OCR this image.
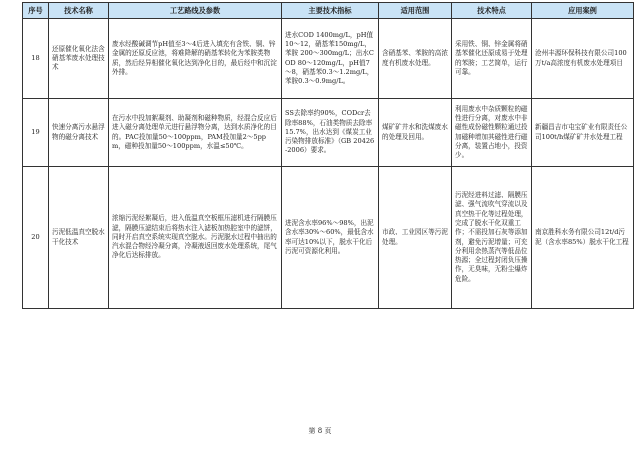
序号	技术名称	工艺路线及参数	主要技术指标	适用范围	技术特点	应用案例
18	还原催化氧化法含硝基苯废水处理技术	废水经酸碱调节pH值至3～4后进入填充有含铁、铜、锌金属的还原反应池，将难降解的硝基苯转化为苯胺类物质，然后经异相催化氧化达到净化目的，最后经中和沉淀外排。	进水COD 1400mg/L，pH值 10～12，硝基苯150mg/L，苯胺 200～300mg/L；出水COD 80～120mg/L，pH值7～8，硝基苯0.3～1.2mg/L，苯胺0.3～0.9mg/L。	含硝基苯、苯胺的高浓度有机废水处理。	采用铁、铜、锌金属将硝基苯催化还原成易于处理的苯胺；工艺简单，运行可靠。	沧州丰源环保科技有限公司100万t/a高浓度有机废水处理项目
19	快速分离污水悬浮物的磁分离技术	在污水中投加絮凝剂、助凝剂和磁种物质，经混合反应后进入磁分离处理单元进行悬浮物分离，达到水质净化的目的。PAC投加量50～100ppm，PAM投加量2～5ppm，磁种投加量50～100ppm，水温≤50℃。	SS去除率约90%，CODcr去除率88%，石油类物质去除率15.7%，出水达到《煤炭工业污染物排放标准》（GB 20426-2006）要求。	煤矿矿井水和洗煤废水的处理及回用。	利用废水中杂质颗粒的磁性进行分离，对废水中非磁性成份磁性颗粒通过投加磁种增加其磁性进行磁分离，装置占地小，投资少。	新疆昌吉市屯宝矿业有限责任公司100t/h煤矿矿井水处理工程
20	污泥低温真空脱水干化技术	浓缩污泥经絮凝后，进入低温真空板框压滤机进行隔膜压滤，隔膜压滤结束后将热水注入滤板加热腔室中的滤饼，同时开启真空系统实现真空脱水。污泥脱水过程中抽出的汽水混合物经冷凝分离，冷凝液返回废水处理系统，尾气净化后达标排放。	进泥含水率96%～98%，出泥含水率30%～60%，最低含水率可达10%以下，脱水干化后污泥可资源化利用。	市政、工业园区等污泥处理。	污泥经进料过滤、隔膜压滤、强气流吹气穿流以及真空热干化等过程处理，完成了脱水干化双重工作；不需投加石灰等添加剂，避免污泥增量；可充分利用余热蒸汽等低品位热源；全过程封闭负压操作，无臭味，无粉尘爆炸危险。	南京胜科水务有限公司12t/d污泥（含水率85%）脱水干化工程
第 8 页
